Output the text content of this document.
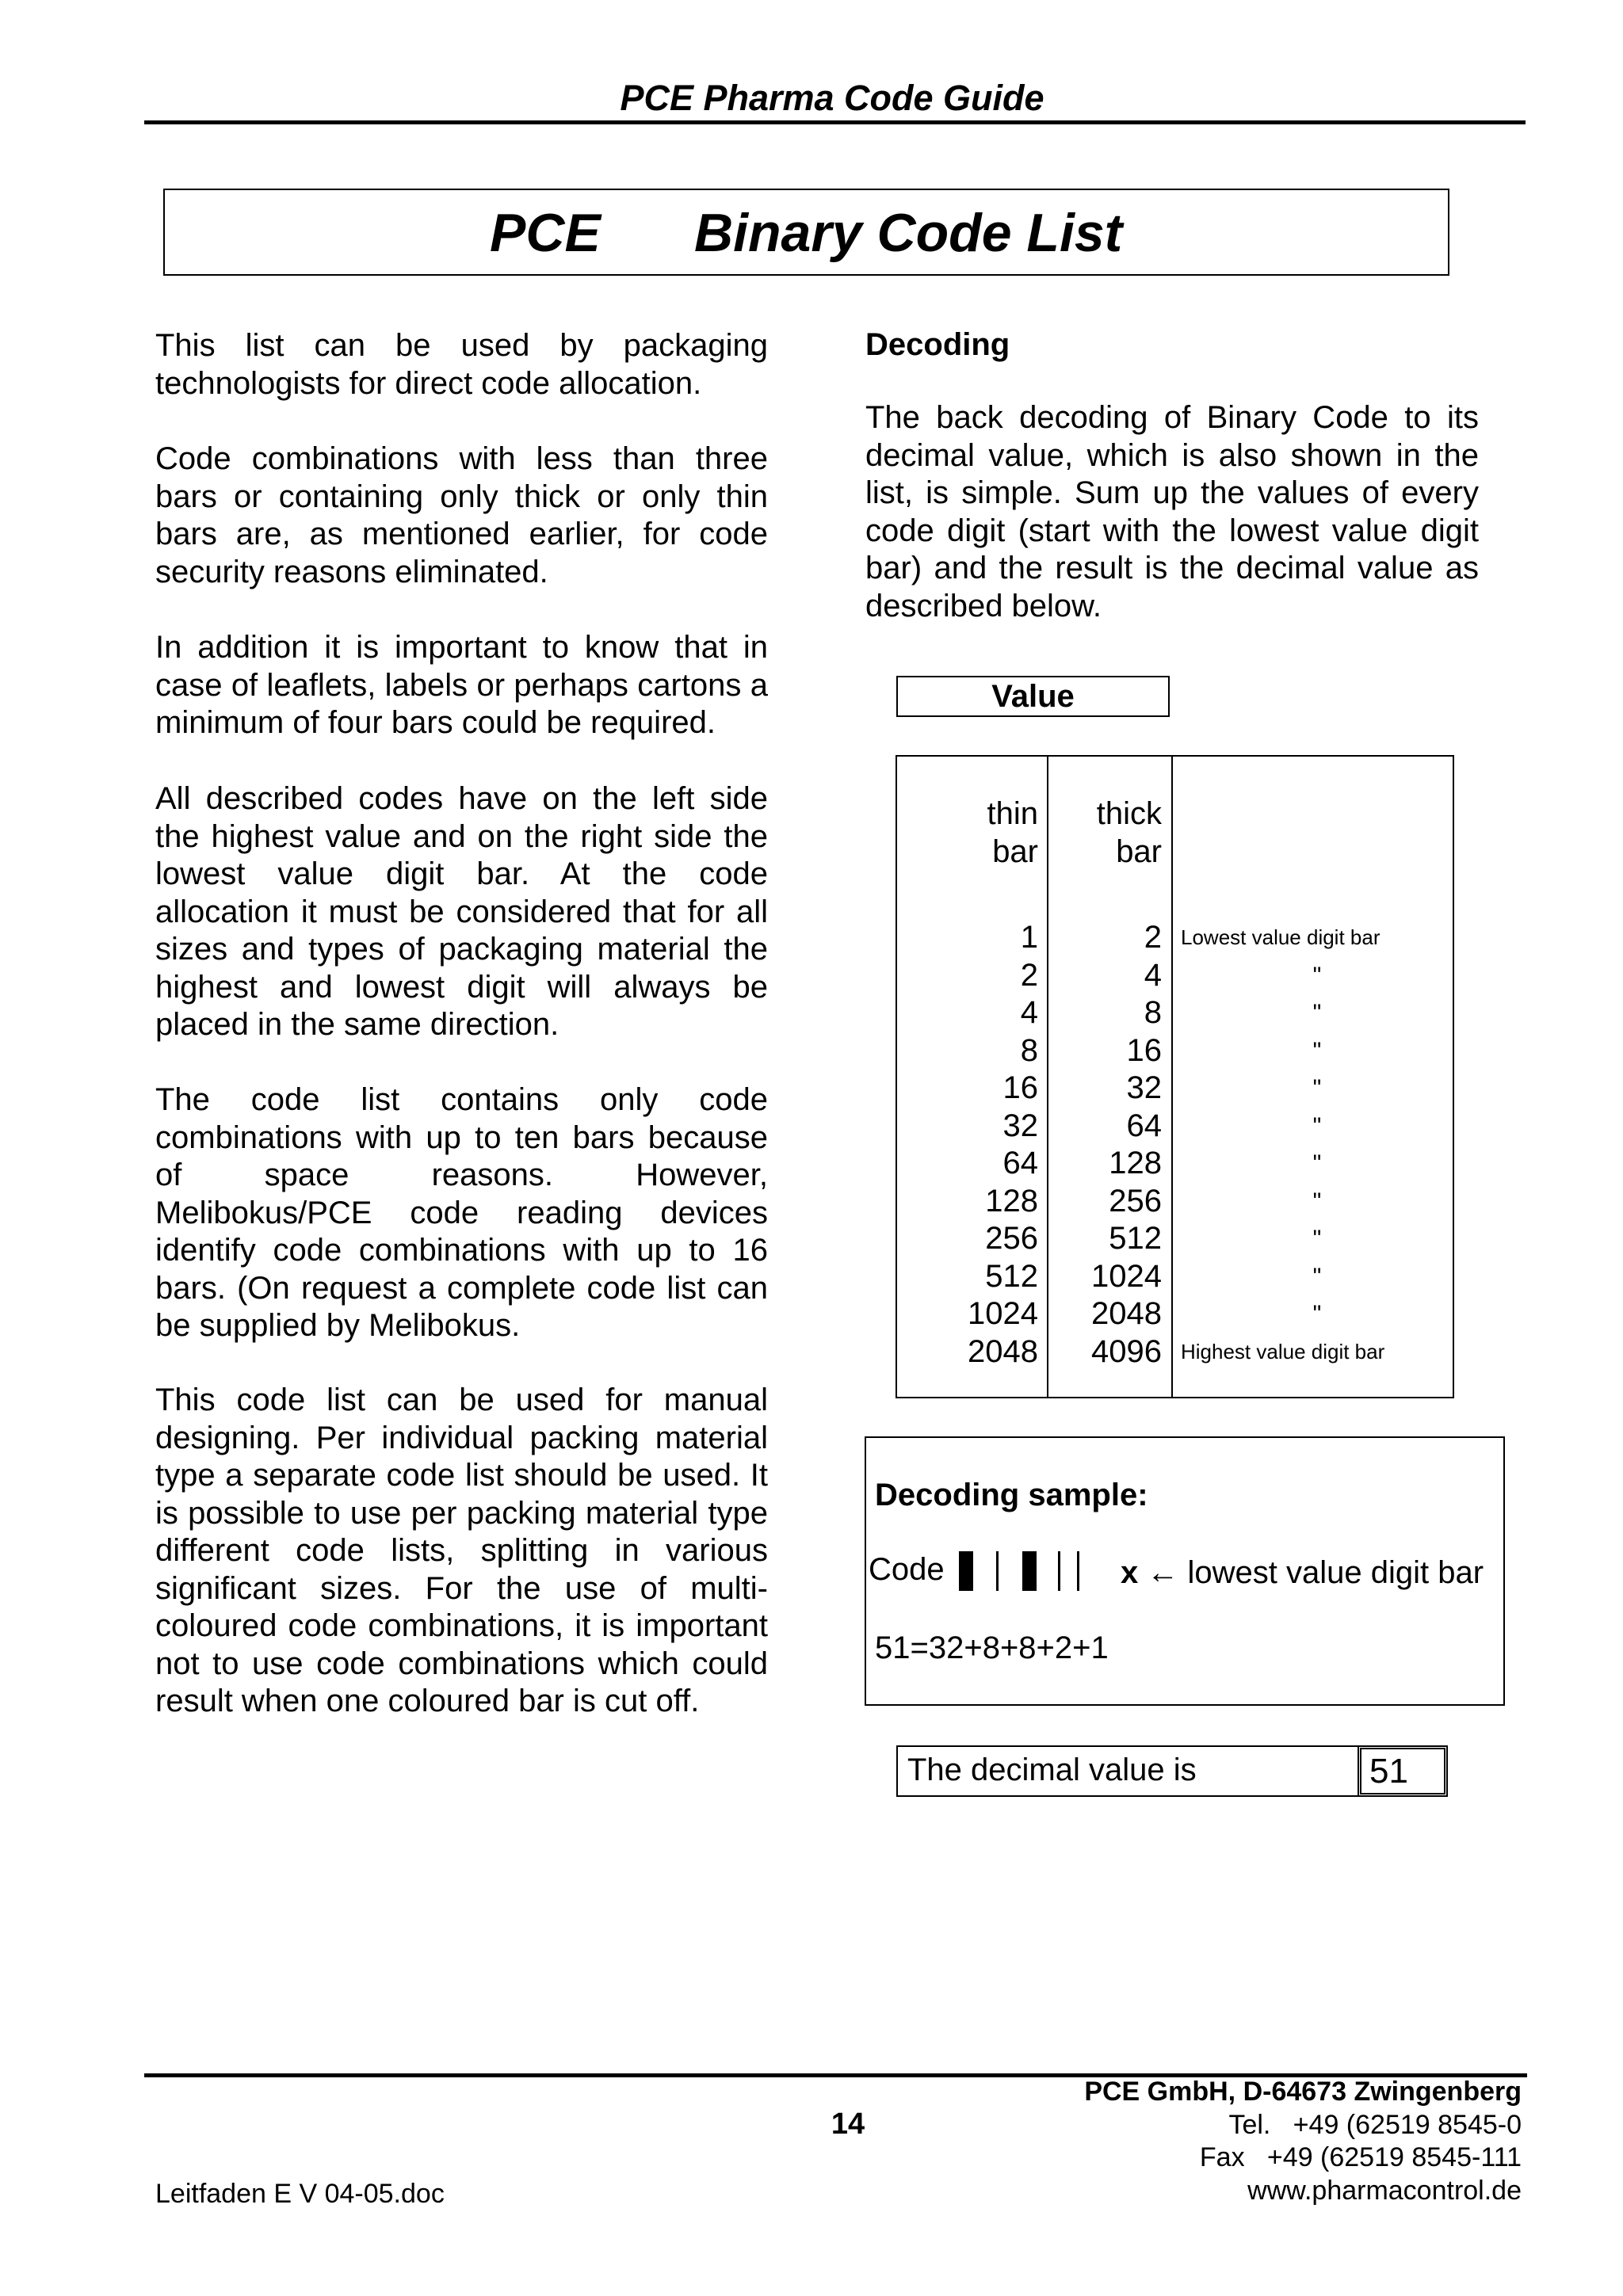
PCE Pharma Code Guide
PCE Binary Code List

This list can be used by packaging technologists for direct code allocation.

Code combinations with less than three bars or containing only thick or only thin bars are, as mentioned earlier, for code security reasons eliminated.

In addition it is important to know that in case of leaflets, labels or perhaps cartons a minimum of four bars could be required.

All described codes have on the left side the highest value and on the right side the lowest value digit bar. At the code allocation it must be considered that for all sizes and types of packaging material the highest and lowest digit will always be placed in the same direction.

The code list contains only code combinations with up to ten bars because of space reasons. However, Melibokus/PCE code reading devices identify code combinations with up to 16 bars. (On request a complete code list can be supplied by Melibokus.

This code list can be used for manual designing. Per individual packing material type a separate code list should be used. It is possible to use per packing material type different code lists, splitting in various significant sizes. For the use of multi-coloured code combinations, it is important not to use code combinations which could result when one coloured bar is cut off.

Decoding

The back decoding of Binary Code to its decimal value, which is also shown in the list, is simple. Sum up the values of every code digit (start with the lowest value digit bar) and the result is the decimal value as described below.

Value
thin
bar
thick
bar
1	2 Lowest value digit bar
2	4	"
4	8	"
8	16	"
16	32	"
32	64	"
64	128	"
128	256	"
256	512	"
512	1024	"
1024	2048	"
2048	4096 Highest value digit bar
Decoding sample:
Code	x ← lowest value digit bar
51=32+8+8+2+1
The decimal value is	51
14
Leitfaden E V 04-05.doc
PCE GmbH, D-64673 Zwingenberg
Tel.   +49 (62519 8545-0
Fax   +49 (62519 8545-111
www.pharmacontrol.de
